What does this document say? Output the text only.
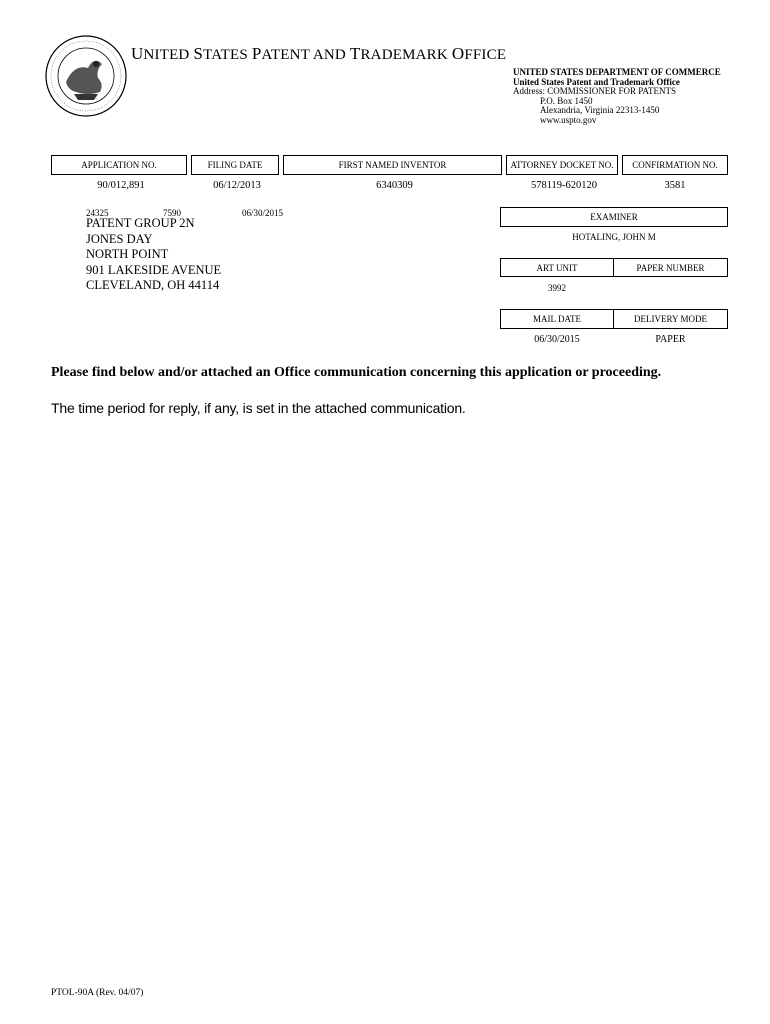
UNITED STATES PATENT AND TRADEMARK OFFICE
UNITED STATES DEPARTMENT OF COMMERCE
United States Patent and Trademark Office
Address: COMMISSIONER FOR PATENTS
P.O. Box 1450
Alexandria, Virginia 22313-1450
www.uspto.gov
APPLICATION NO.	FILING DATE	FIRST NAMED INVENTOR	ATTORNEY DOCKET NO.	CONFIRMATION NO.
90/012,891	06/12/2013	6340309	578119-620120	3581
24325	7590	06/30/2015
PATENT GROUP 2N
JONES DAY
NORTH POINT
901 LAKESIDE AVENUE
CLEVELAND, OH 44114
EXAMINER
HOTALING, JOHN M
ART UNIT	PAPER NUMBER
3992
MAIL DATE	DELIVERY MODE
06/30/2015	PAPER
Please find below and/or attached an Office communication concerning this application or proceeding.
The time period for reply, if any, is set in the attached communication.
PTOL-90A (Rev. 04/07)
